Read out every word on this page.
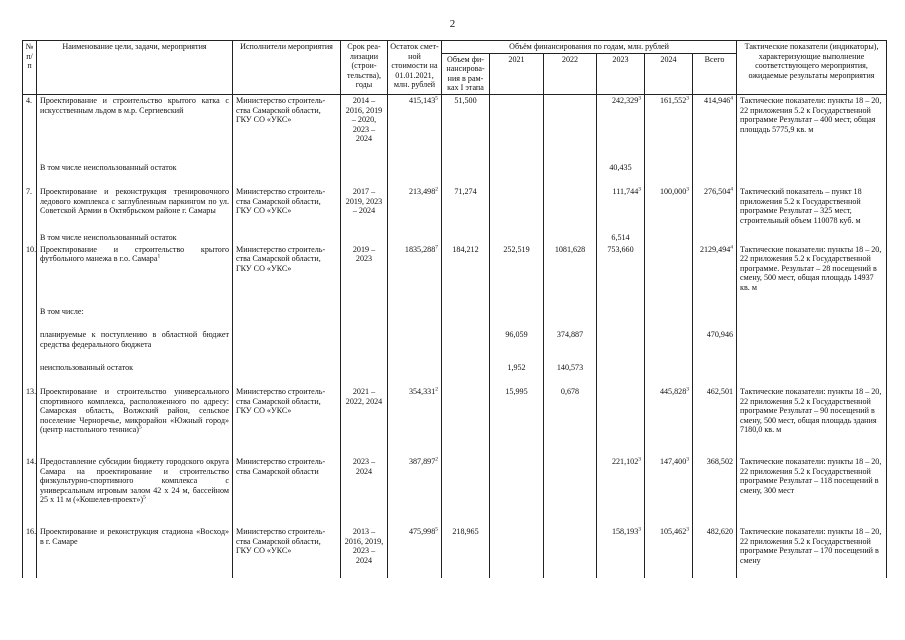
2
№ п/п	Наименование цели, задачи, мероприятия	Исполнители мероприятия	Срок реа-лизации (строи-тельства), годы	Остаток смет-ной стоимости на 01.01.2021, млн. рублей	Объём финансирования по годам, млн. рублей						Тактические показатели (индикаторы), характеризующие выполнение соответствующего мероприятия, ожидаемые результаты мероприятия
					Объем фи-нансирова-ния в рам-ках I этапа	2021	2022	2023	2024	Всего	
4.	Проектирование и строительство крытого катка с искусственным льдом в м.р. Сергиевский	Министерство строитель-ства Самарской области, ГКУ СО «УКС»	2014 – 2016, 2019 – 2020, 2023 – 2024	415,143$^5$	51,500			242,329$^3$	161,552$^3$	414,946$^4$	Тактические показатели: пункты 18 – 20, 22 приложения 5.2 к Государственной программе Результат – 400 мест, общая площадь 5775,9 кв. м
	В том числе неиспользованный остаток							40,435			

7.	Проектирование и реконструкция тренировочного ледового комплекса с заглубленным паркингом по ул. Советской Армии в Октябрьском районе г. Самары	Министерство строитель-ства Самарской области, ГКУ СО «УКС»	2017 – 2019, 2023 – 2024	213,498$^2$	71,274			111,744$^3$	100,000$^3$	276,504$^4$	Тактический показатель – пункт 18 приложения 5.2 к Государственной программе Результат – 325 мест, строительный объем 110078 куб. м
	В том числе неиспользованный остаток							6,514			
10.	Проектирование и строительство крытого футбольного манежа в г.о. Самара$^1$	Министерство строитель-ства Самарской области, ГКУ СО «УКС»	2019 – 2023	1835,288$^7$	184,212	252,519	1081,628	753,660		2129,494$^4$	Тактические показатели: пункты 18 – 20, 22 приложения 5.2 к Государственной программе. Результат – 28 посещений в смену, 500 мест, общая площадь 14937 кв. м
	В том числе:										

	планируемые к поступлению в областной бюджет средства федерального бюджета					96,059	374,887			470,946	

	неиспользованный остаток					1,952	140,573				

13.	Проектирование и строительство универсального спортивного комплекса, расположенного по адресу: Самарская область, Волжский район, сельское поселение Черноречье, микрорайон «Южный город» (центр настольного тенниса)$^5$	Министерство строитель-ства Самарской области, ГКУ СО «УКС»	2021 – 2022, 2024	354,331$^2$		15,995	0,678		445,828$^3$	462,501	Тактические показатели: пункты 18 – 20, 22 приложения 5.2 к Государственной программе Результат – 90 посещений в смену, 500 мест, общая площадь здания 7180,0 кв. м
14.	Предоставление субсидии бюджету городского округа Самара на проектирование и строительство физкультурно-спортивного комплекса с универсальным игровым залом 42 х 24 м, бассейном 25 х 11 м («Кошелев-проект»)$^5$	Министерство строитель-ства Самарской области	2023 – 2024	387,897$^2$				221,102$^3$	147,400$^3$	368,502	Тактические показатели: пункты 18 – 20, 22 приложения 5.2 к Государственной программе Результат – 118 посещений в смену, 300 мест
16.	Проектирование и реконструкция стадиона «Восход» в г. Самаре	Министерство строитель-ства Самарской области, ГКУ СО «УКС»	2013 – 2016, 2019, 2023 – 2024	475,998$^5$	218,965			158,193$^3$	105,462$^3$	482,620	Тактические показатели: пункты 18 – 20, 22 приложения 5.2 к Государственной программе Результат – 170 посещений в смену
